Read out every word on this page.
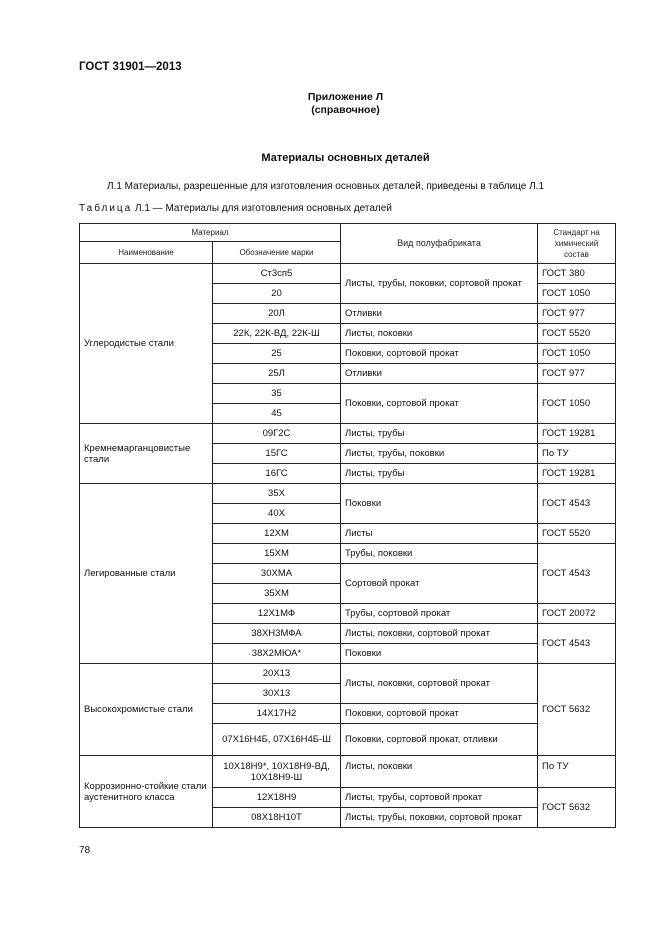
ГОСТ 31901—2013
Приложение Л
(справочное)
Материалы основных деталей
Л.1 Материалы, разрешенные для изготовления основных деталей, приведены в таблице Л.1
Таблица Л.1 — Материалы для изготовления основных деталей
Материал		Вид полуфабриката	Стандарт на химический состав
Наименование	Обозначение марки		
Углеродистые стали	Ст3сп5	Листы, трубы, поковки, сортовой прокат	ГОСТ 380
	20		ГОСТ 1050
	20Л	Отливки	ГОСТ 977
	22К, 22К-ВД, 22К-Ш	Листы, поковки	ГОСТ 5520
	25	Поковки, сортовой прокат	ГОСТ 1050
	25Л	Отливки	ГОСТ 977
	35	Поковки, сортовой прокат	ГОСТ 1050
	45		
Кремнемарганцовистые стали	09Г2С	Листы, трубы	ГОСТ 19281
	15ГС	Листы, трубы, поковки	По ТУ
	16ГС	Листы, трубы	ГОСТ 19281
Легированные стали	35Х	Поковки	ГОСТ 4543
	40Х		
	12ХМ	Листы	ГОСТ 5520
	15ХМ	Трубы, поковки	ГОСТ 4543
	30ХМА	Сортовой прокат	
	35ХМ		
	12Х1МФ	Трубы, сортовой прокат	ГОСТ 20072
	38ХН3МФА	Листы, поковки, сортовой прокат	ГОСТ 4543
	38Х2МЮА*	Поковки	
Высокохромистые стали	20Х13	Листы, поковки, сортовой прокат	ГОСТ 5632
	30Х13		
	14Х17Н2	Поковки, сортовой прокат	
	07Х16Н4Б, 07Х16Н4Б-Ш	Поковки, сортовой прокат, отливки	
Коррозионно-стойкие стали аустенитного класса	10Х18Н9*, 10Х18Н9-ВД, 10Х18Н9-Ш	Листы, поковки	По ТУ
	12Х18Н9	Листы, трубы, сортовой прокат	ГОСТ 5632
	08Х18Н10Т	Листы, трубы, поковки, сортовой прокат	
78
